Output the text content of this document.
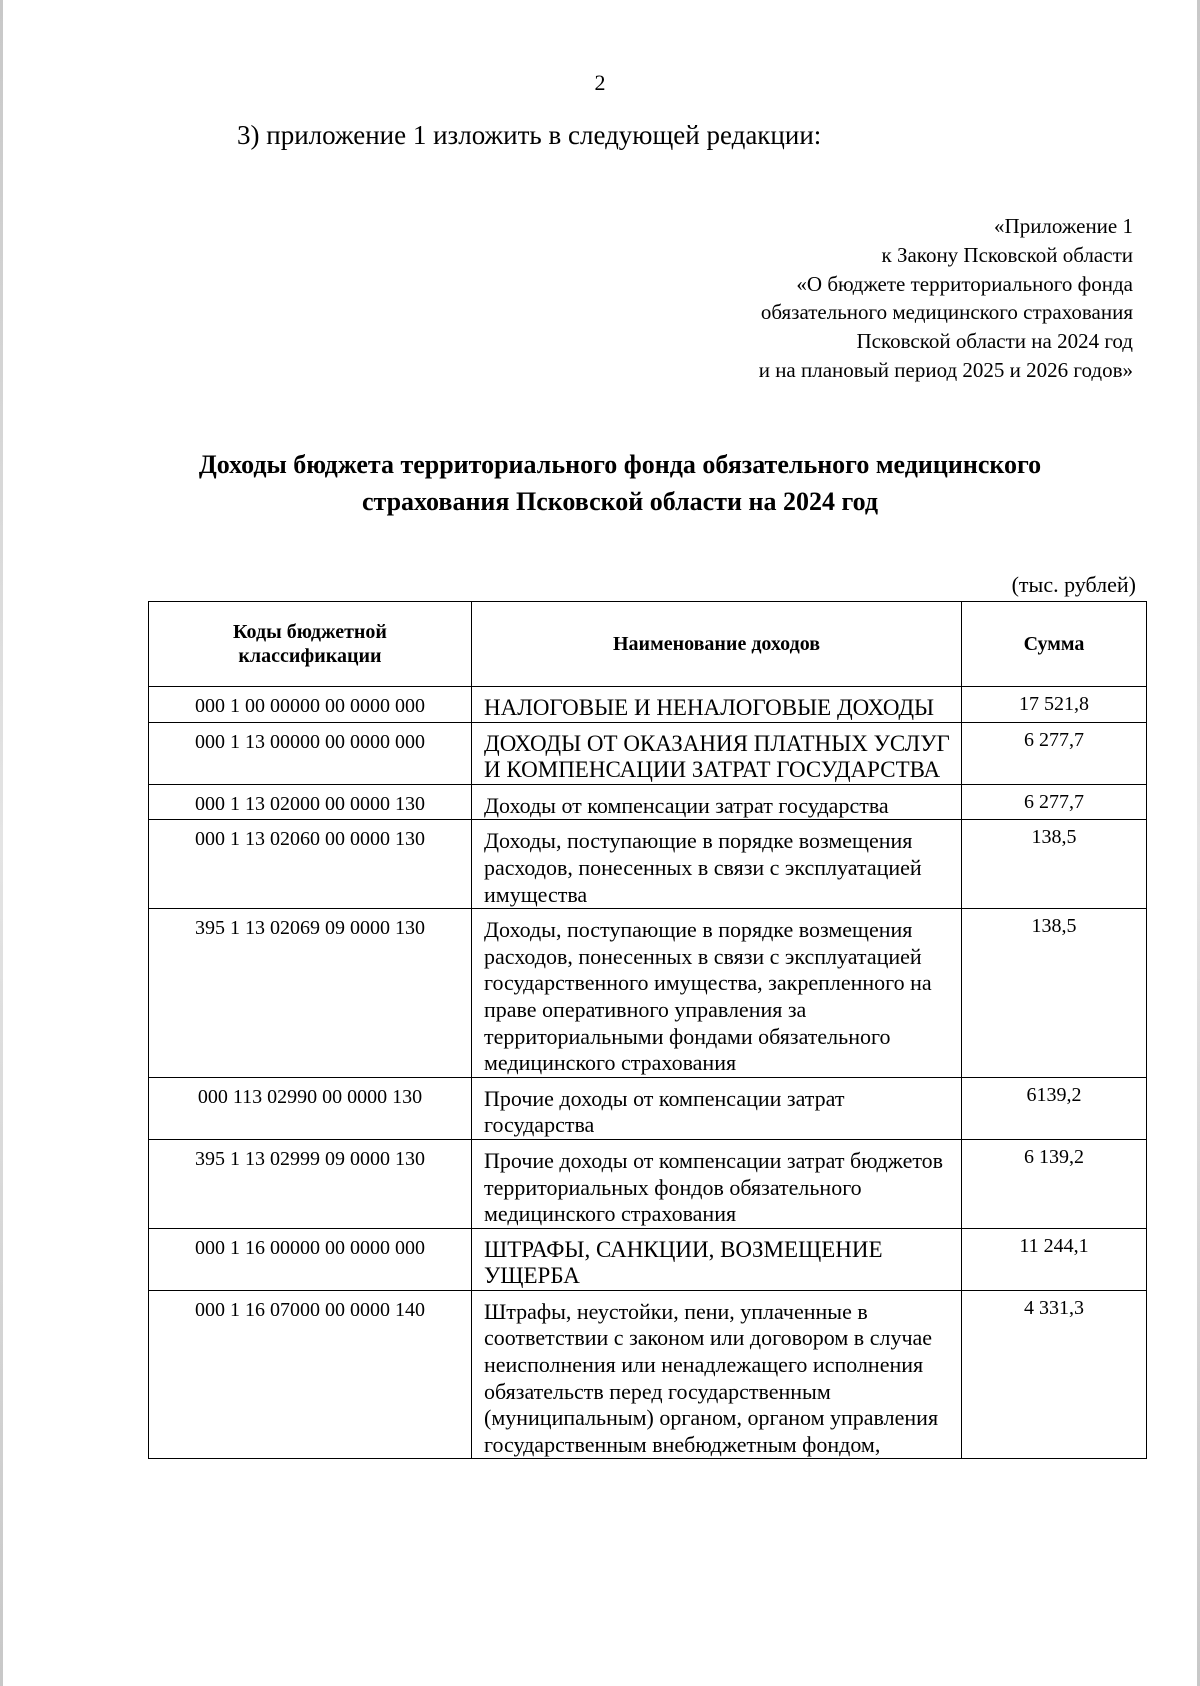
2
3) приложение 1 изложить в следующей редакции:
«Приложение 1
к Закону Псковской области
«О бюджете территориального фонда
обязательного медицинского страхования
Псковской области на 2024 год
и на плановый период 2025 и 2026 годов»
Доходы бюджета территориального фонда обязательного медицинского
страхования Псковской области на 2024 год
(тыс. рублей)
Коды бюджетной классификации	Наименование доходов	Сумма
000 1 00 00000 00 0000 000	НАЛОГОВЫЕ И НЕНАЛОГОВЫЕ ДОХОДЫ	17 521,8
000 1 13 00000 00 0000 000	ДОХОДЫ ОТ ОКАЗАНИЯ ПЛАТНЫХ УСЛУГ И КОМПЕНСАЦИИ ЗАТРАТ ГОСУДАРСТВА	6 277,7
000 1 13 02000 00 0000 130	Доходы от компенсации затрат государства	6 277,7
000 1 13 02060 00 0000 130	Доходы, поступающие в порядке возмещения расходов, понесенных в связи с эксплуатацией имущества	138,5
395 1 13 02069 09 0000 130	Доходы, поступающие в порядке возмещения расходов, понесенных в связи с эксплуатацией государственного имущества, закрепленного на праве оперативного управления за территориальными фондами обязательного медицинского страхования	138,5
000 113 02990 00 0000 130	Прочие доходы от компенсации затрат государства	6139,2
395 1 13 02999 09 0000 130	Прочие доходы от компенсации затрат бюджетов территориальных фондов обязательного медицинского страхования	6 139,2
000 1 16 00000 00 0000 000	ШТРАФЫ, САНКЦИИ, ВОЗМЕЩЕНИЕ УЩЕРБА	11 244,1
000 1 16 07000 00 0000 140	Штрафы, неустойки, пени, уплаченные в соответствии с законом или договором в случае неисполнения или ненадлежащего исполнения обязательств перед государственным (муниципальным) органом, органом управления государственным внебюджетным фондом,	4 331,3
